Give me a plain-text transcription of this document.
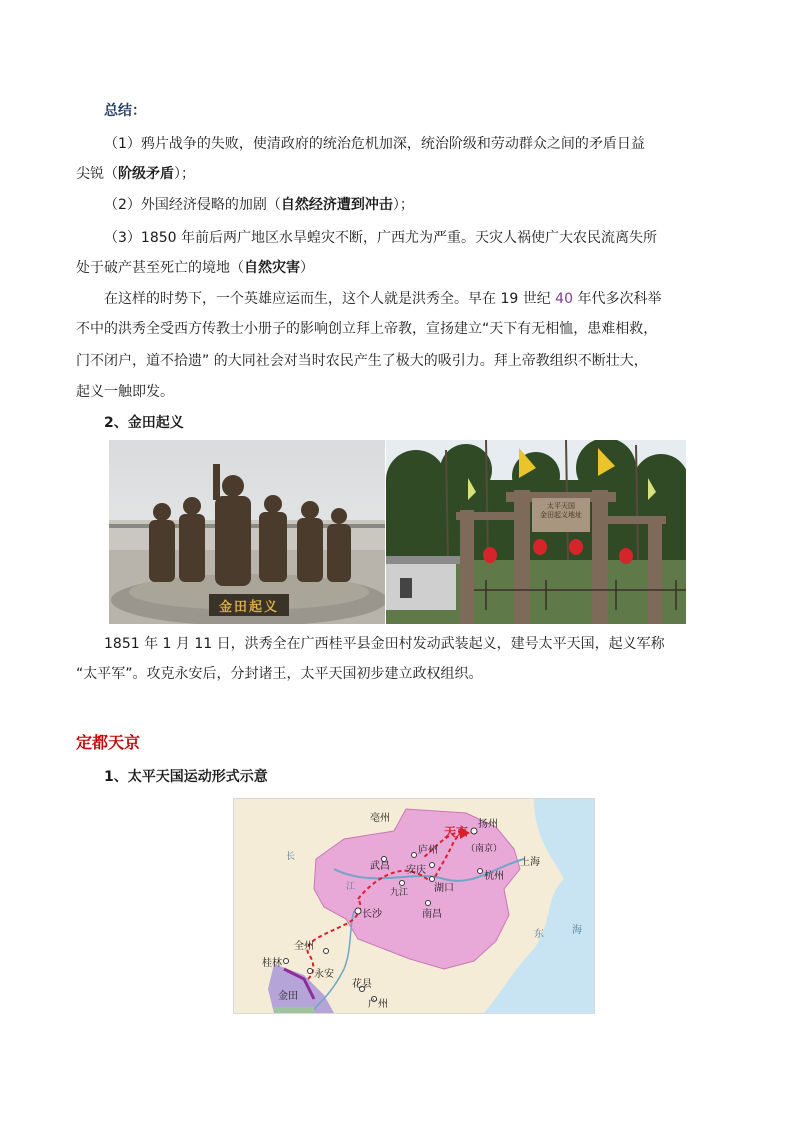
总结：
（1）鸦片战争的失败，使清政府的统治危机加深，统治阶级和劳动群众之间的矛盾日益
尖锐（阶级矛盾）；
（2）外国经济侵略的加剧（自然经济遭到冲击）；
（3）1850 年前后两广地区水旱蝗灾不断，广西尤为严重。天灾人祸使广大农民流离失所
处于破产甚至死亡的境地（自然灾害）
在这样的时势下，一个英雄应运而生，这个人就是洪秀全。早在 19 世纪 40 年代多次科举
不中的洪秀全受西方传教士小册子的影响创立拜上帝教，宣扬建立“天下有无相恤，患难相救，
门不闭户，道不拾遗” 的大同社会对当时农民产生了极大的吸引力。拜上帝教组织不断壮大，
起义一触即发。
2、金田起义
金田起义
太平天国
金田起义地址
1851 年 1 月 11 日，洪秀全在广西桂平县金田村发动武装起义，建号太平天国，起义军称
“太平军”。攻克永安后，分封诸王，太平天国初步建立政权组织。
定都天京
1、太平天国运动形式示意
亳州
扬州
天京
（南京）
庐州
上海
武昌 安庆
杭州
九江	湖口
南昌
长沙
全州
桂林
永安
金田
花县
广州
东	海
江
长
